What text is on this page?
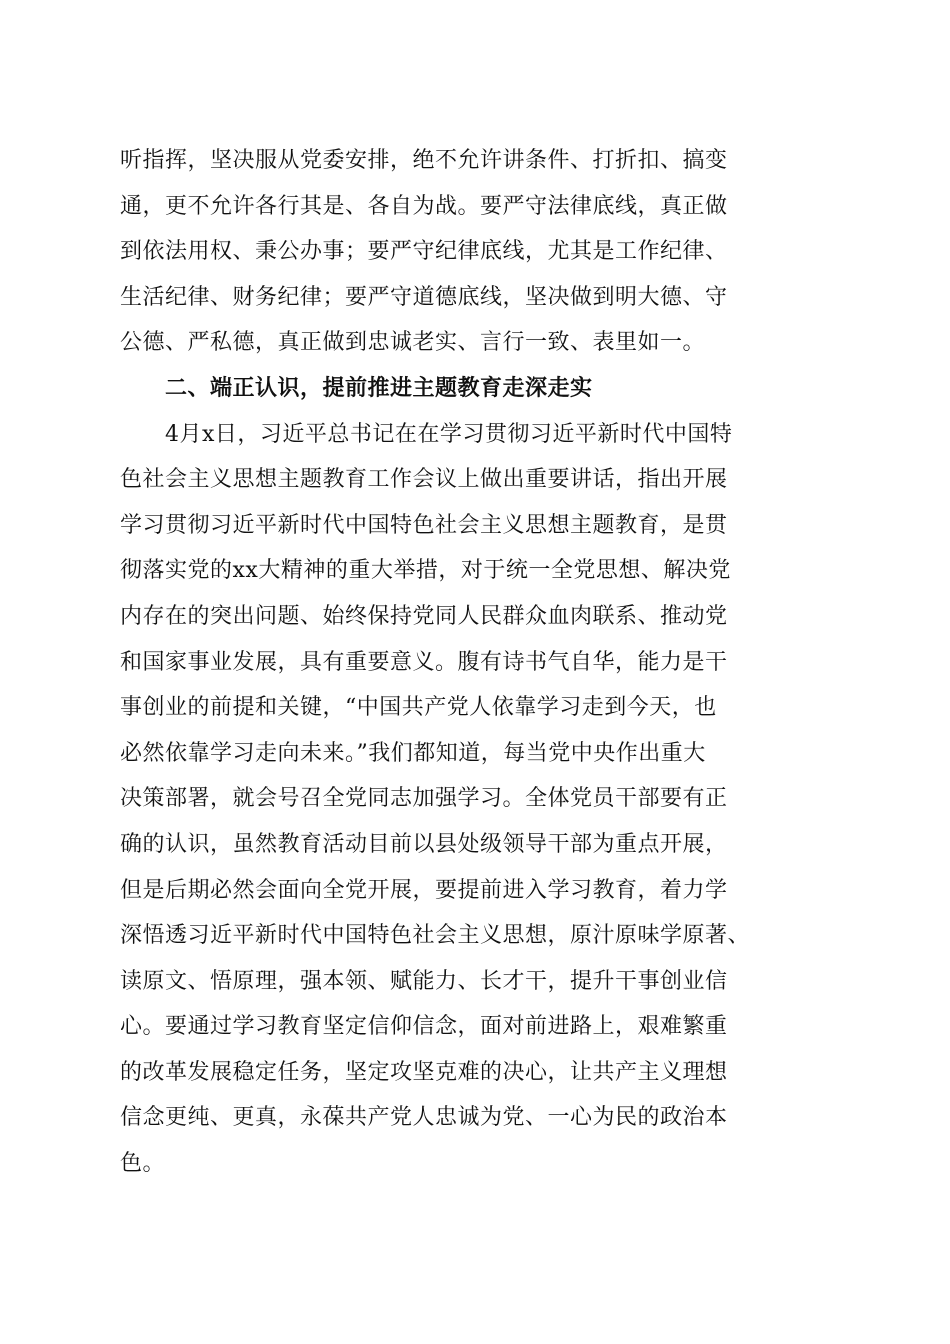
听指挥，坚决服从党委安排，绝不允许讲条件、打折扣、搞变
通，更不允许各行其是、各自为战。要严守法律底线，真正做
到依法用权、秉公办事；要严守纪律底线，尤其是工作纪律、
生活纪律、财务纪律；要严守道德底线，坚决做到明大德、守
公德、严私德，真正做到忠诚老实、言行一致、表里如一。
　　二、端正认识，提前推进主题教育走深走实
　　4月x日，习近平总书记在在学习贯彻习近平新时代中国特
色社会主义思想主题教育工作会议上做出重要讲话，指出开展
学习贯彻习近平新时代中国特色社会主义思想主题教育，是贯
彻落实党的xx大精神的重大举措，对于统一全党思想、解决党
内存在的突出问题、始终保持党同人民群众血肉联系、推动党
和国家事业发展，具有重要意义。腹有诗书气自华，能力是干
事创业的前提和关键，“中国共产党人依靠学习走到今天，也
必然依靠学习走向未来。”我们都知道，每当党中央作出重大
决策部署，就会号召全党同志加强学习。全体党员干部要有正
确的认识，虽然教育活动目前以县处级领导干部为重点开展，
但是后期必然会面向全党开展，要提前进入学习教育，着力学
深悟透习近平新时代中国特色社会主义思想，原汁原味学原著、
读原文、悟原理，强本领、赋能力、长才干，提升干事创业信
心。要通过学习教育坚定信仰信念，面对前进路上，艰难繁重
的改革发展稳定任务，坚定攻坚克难的决心，让共产主义理想
信念更纯、更真，永葆共产党人忠诚为党、一心为民的政治本
色。
